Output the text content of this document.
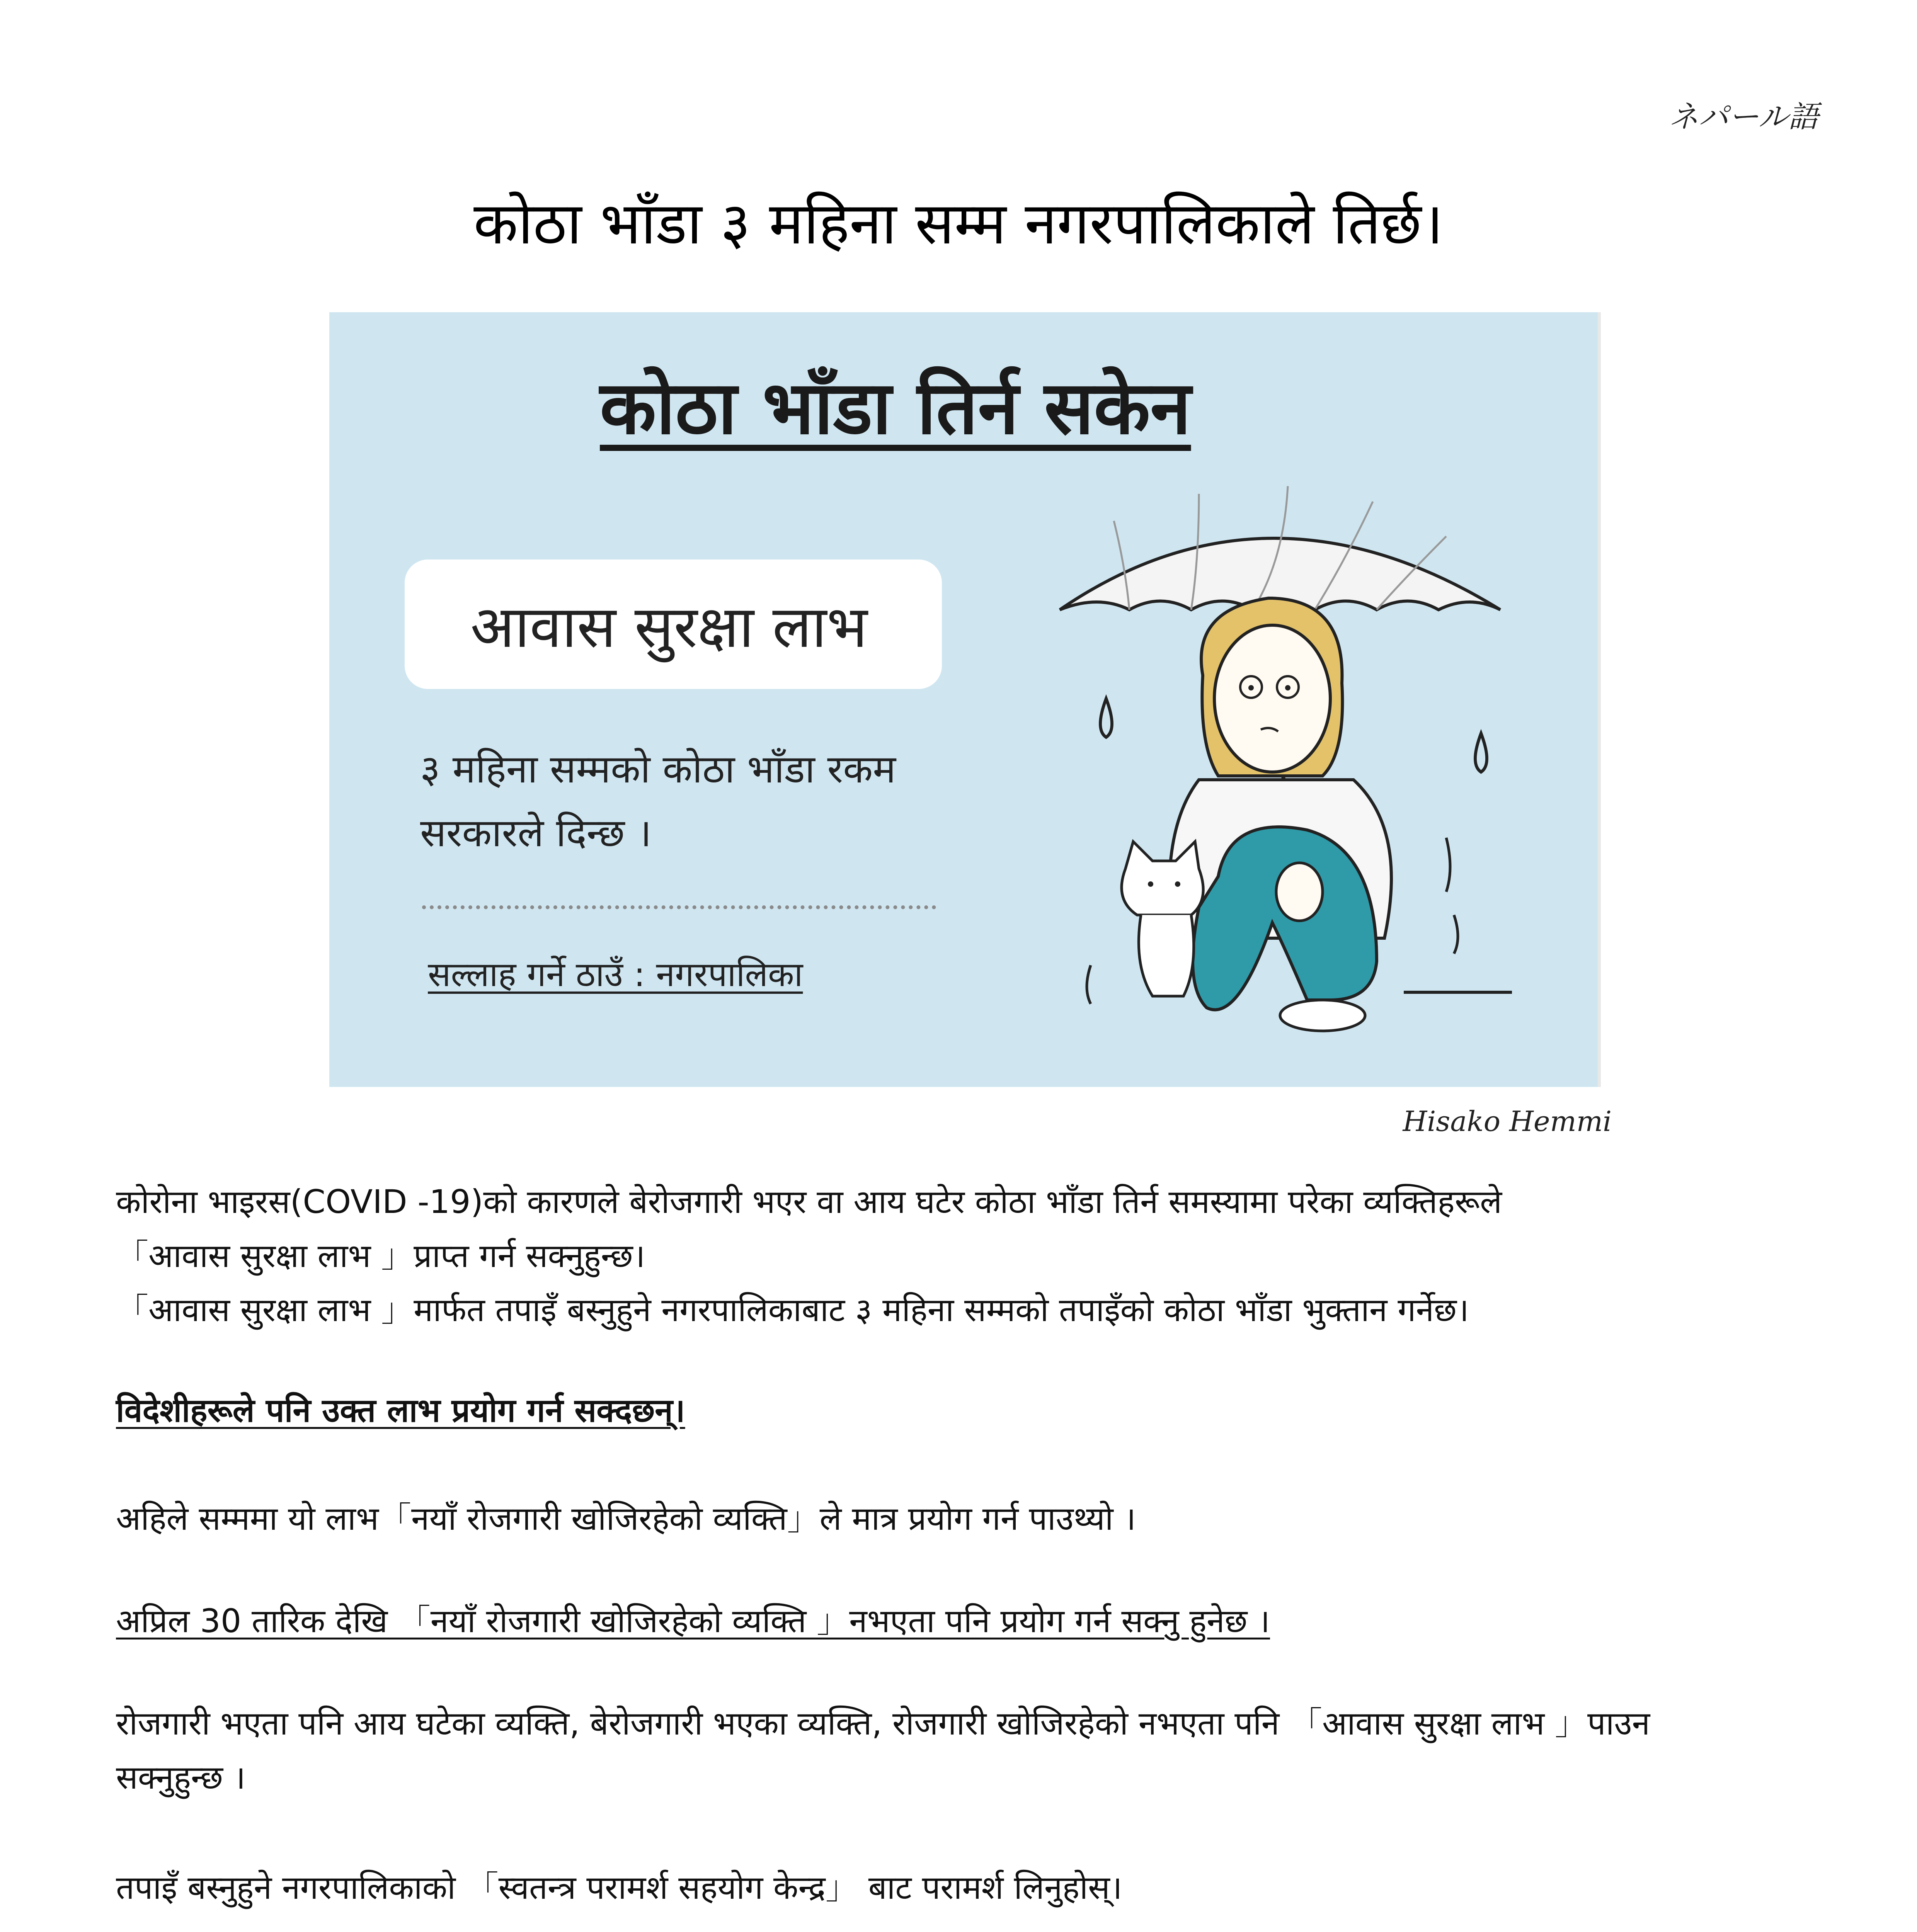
ネパール語
कोठा भाँडा ३ महिना सम्म नगरपालिकाले तिर्छ।
कोठा भाँडा तिर्न सकेन
आवास सुरक्षा लाभ
३ महिना सम्मको कोठा भाँडा रकम
सरकारले दिन्छ ।
सल्लाह गर्ने ठाउँ : नगरपालिका
Hisako Hemmi
कोरोना भाइरस(COVID -19)को कारणले बेरोजगारी भएर वा आय घटेर कोठा भाँडा तिर्न समस्यामा परेका व्यक्तिहरूले
「आवास सुरक्षा लाभ 」प्राप्त गर्न सक्नुहुन्छ।
「आवास सुरक्षा लाभ 」मार्फत तपाइँ बस्नुहुने नगरपालिकाबाट ३ महिना सम्मको तपाइँको कोठा भाँडा भुक्तान गर्नेछ।
विदेशीहरूले पनि उक्त लाभ प्रयोग गर्न सक्दछन्।
अहिले सम्ममा यो लाभ「नयाँ रोजगारी खोजिरहेको व्यक्ति」ले मात्र प्रयोग गर्न पाउथ्यो ।
अप्रिल 30 तारिक देखि 「नयाँ रोजगारी खोजिरहेको व्यक्ति 」नभएता पनि प्रयोग गर्न सक्नु हुनेछ ।
रोजगारी भएता पनि आय घटेका व्यक्ति, बेरोजगारी भएका व्यक्ति, रोजगारी खोजिरहेको नभएता पनि 「आवास सुरक्षा लाभ 」पाउन
सक्नुहुन्छ ।
तपाइँ बस्नुहुने नगरपालिकाको 「स्वतन्त्र परामर्श सहयोग केन्द्र」 बाट परामर्श लिनुहोस्।
